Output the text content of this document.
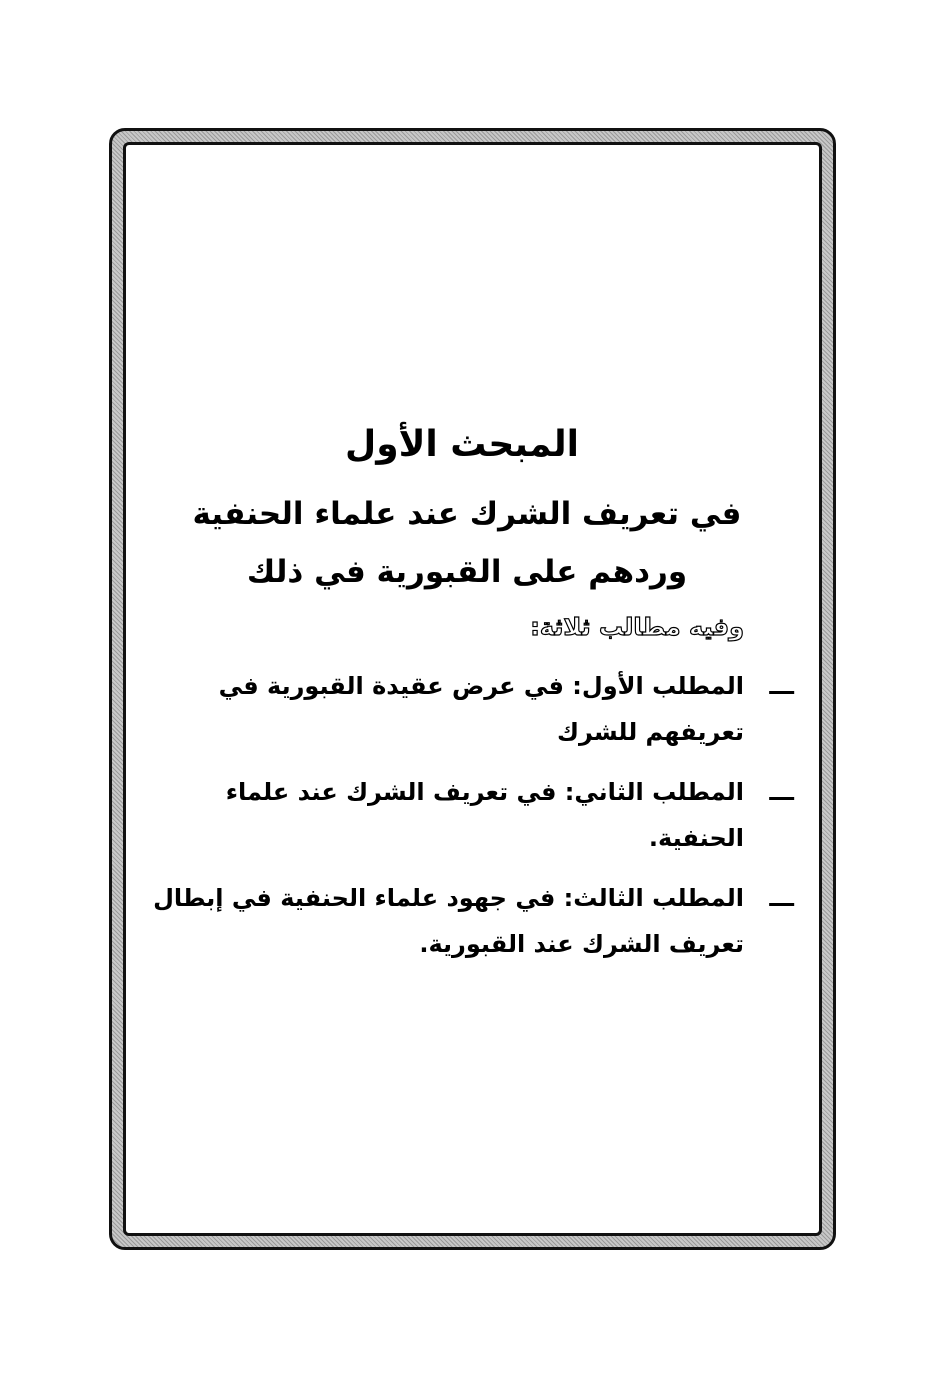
المبحث الأول
في تعريف الشرك عند علماء الحنفية
وردهم على القبورية في ذلك
وفيه مطالب ثلاثة:
ـــ
المطلب الأول: في عرض عقيدة القبورية في تعريفهم للشرك
ـــ
المطلب الثاني: في تعريف الشرك عند علماء الحنفية.
ـــ
المطلب الثالث: في جهود علماء الحنفية في إبطال تعريف الشرك عند القبورية.
